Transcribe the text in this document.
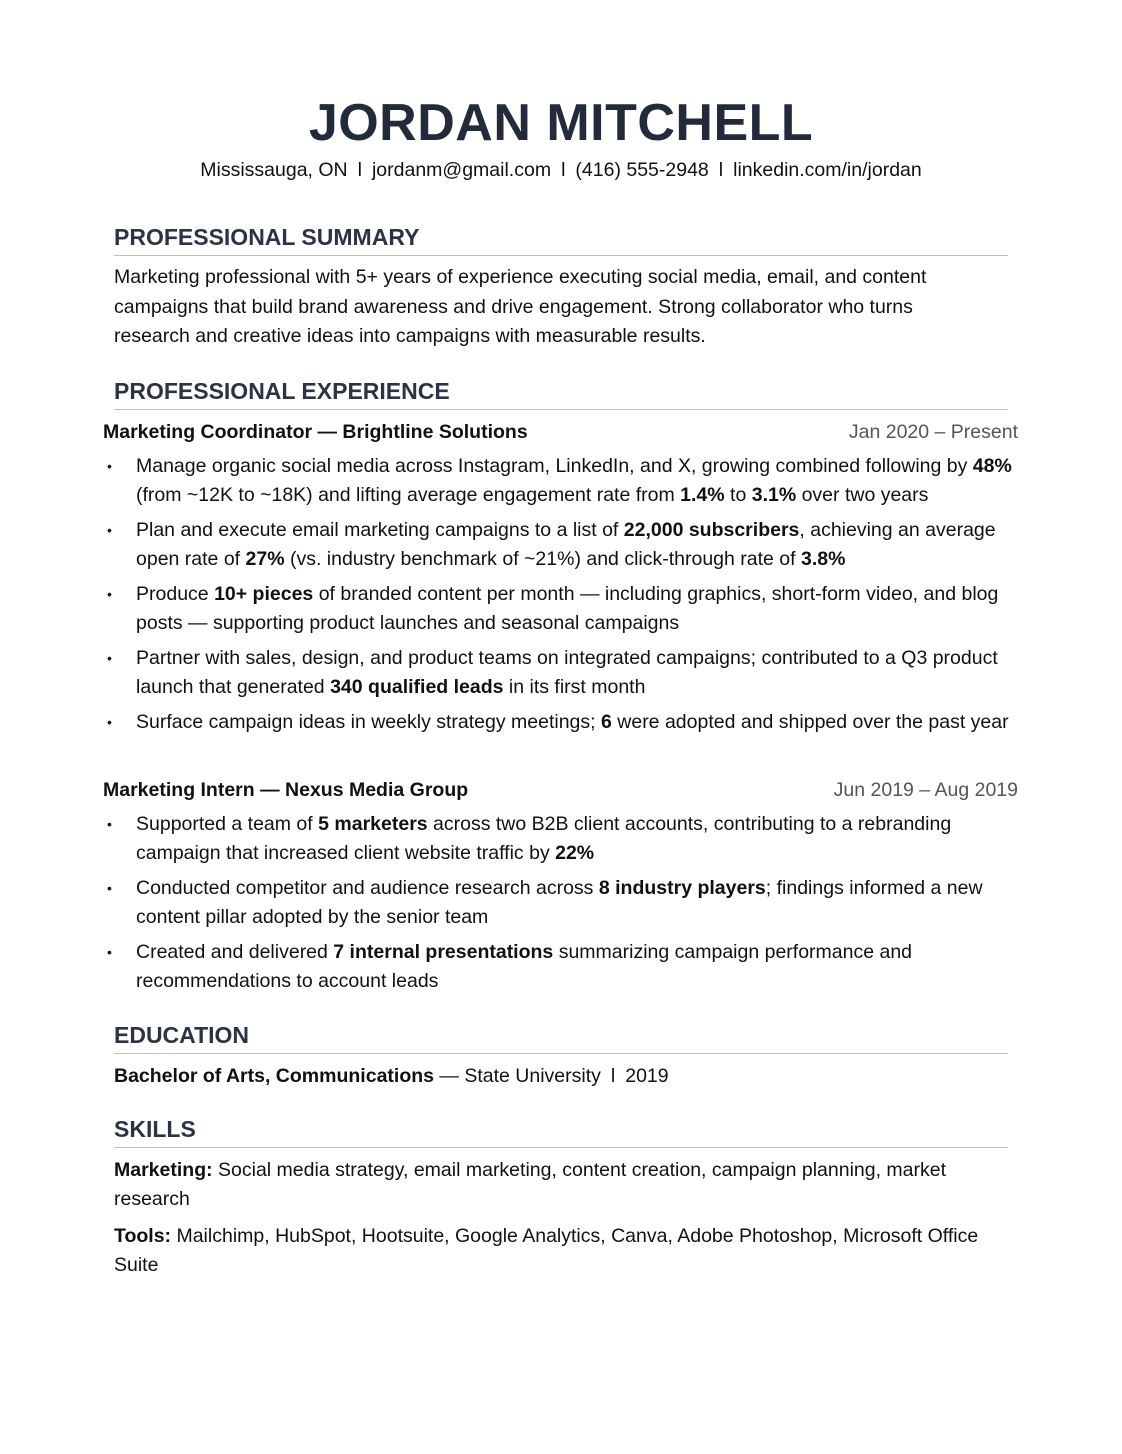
JORDAN MITCHELL
Mississauga, ON l jordanm@gmail.com l (416) 555-2948 l linkedin.com/in/jordan
PROFESSIONAL SUMMARY

Marketing professional with 5+ years of experience executing social media, email, and content campaigns that build brand awareness and drive engagement. Strong collaborator who turns research and creative ideas into campaigns with measurable results.

PROFESSIONAL EXPERIENCE
Marketing Coordinator — Brightline Solutions	Jan 2020 – Present
• Manage organic social media across Instagram, LinkedIn, and X, growing combined following by 48% (from ~12K to ~18K) and lifting average engagement rate from 1.4% to 3.1% over two years
• Plan and execute email marketing campaigns to a list of 22,000 subscribers, achieving an average open rate of 27% (vs. industry benchmark of ~21%) and click-through rate of 3.8%
• Produce 10+ pieces of branded content per month — including graphics, short-form video, and blog posts — supporting product launches and seasonal campaigns
• Partner with sales, design, and product teams on integrated campaigns; contributed to a Q3 product launch that generated 340 qualified leads in its first month
• Surface campaign ideas in weekly strategy meetings; 6 were adopted and shipped over the past year
Marketing Intern — Nexus Media Group	Jun 2019 – Aug 2019
• Supported a team of 5 marketers across two B2B client accounts, contributing to a rebranding campaign that increased client website traffic by 22%
• Conducted competitor and audience research across 8 industry players; findings informed a new content pillar adopted by the senior team
• Created and delivered 7 internal presentations summarizing campaign performance and recommendations to account leads
EDUCATION

Bachelor of Arts, Communications — State University l 2019

SKILLS

Marketing: Social media strategy, email marketing, content creation, campaign planning, market research

Tools: Mailchimp, HubSpot, Hootsuite, Google Analytics, Canva, Adobe Photoshop, Microsoft Office Suite
